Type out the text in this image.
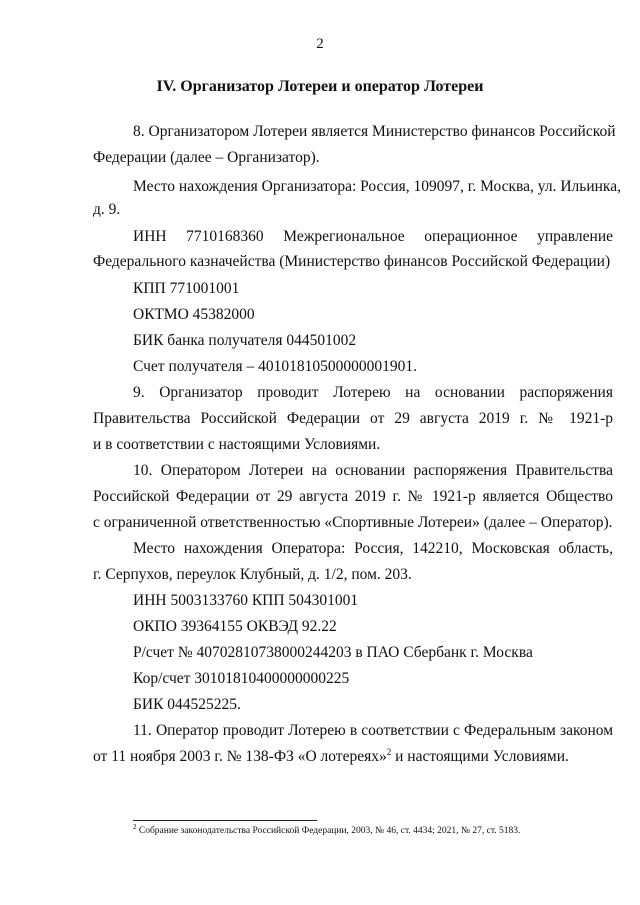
2
IV. Организатор Лотереи и оператор Лотереи
8. Организатором Лотереи является Министерство финансов Российской
Федерации (далее – Организатор).
Место нахождения Организатора: Россия, 109097, г. Москва, ул. Ильинка,
д. 9.
ИНН 7710168360 Межрегиональное операционное управление
Федерального казначейства (Министерство финансов Российской Федерации)
КПП 771001001
ОКТМО 45382000
БИК банка получателя 044501002
Счет получателя – 40101810500000001901.
9. Организатор проводит Лотерею на основании распоряжения
Правительства Российской Федерации от 29 августа 2019 г. № 1921-р
и в соответствии с настоящими Условиями.
10. Оператором Лотереи на основании распоряжения Правительства
Российской Федерации от 29 августа 2019 г. № 1921-р является Общество
с ограниченной ответственностью «Спортивные Лотереи» (далее – Оператор).
Место нахождения Оператора: Россия, 142210, Московская область,
г. Серпухов, переулок Клубный, д. 1/2, пом. 203.
ИНН 5003133760 КПП 504301001
ОКПО 39364155 ОКВЭД 92.22
Р/счет № 40702810738000244203 в ПАО Сбербанк г. Москва
Кор/счет 30101810400000000225
БИК 044525225.
11. Оператор проводит Лотерею в соответствии с Федеральным законом
от 11 ноября 2003 г. № 138-ФЗ «О лотереях»$^2$ и настоящими Условиями.
$^2$ Собрание законодательства Российской Федерации, 2003, № 46, ст. 4434; 2021, № 27, ст. 5183.
